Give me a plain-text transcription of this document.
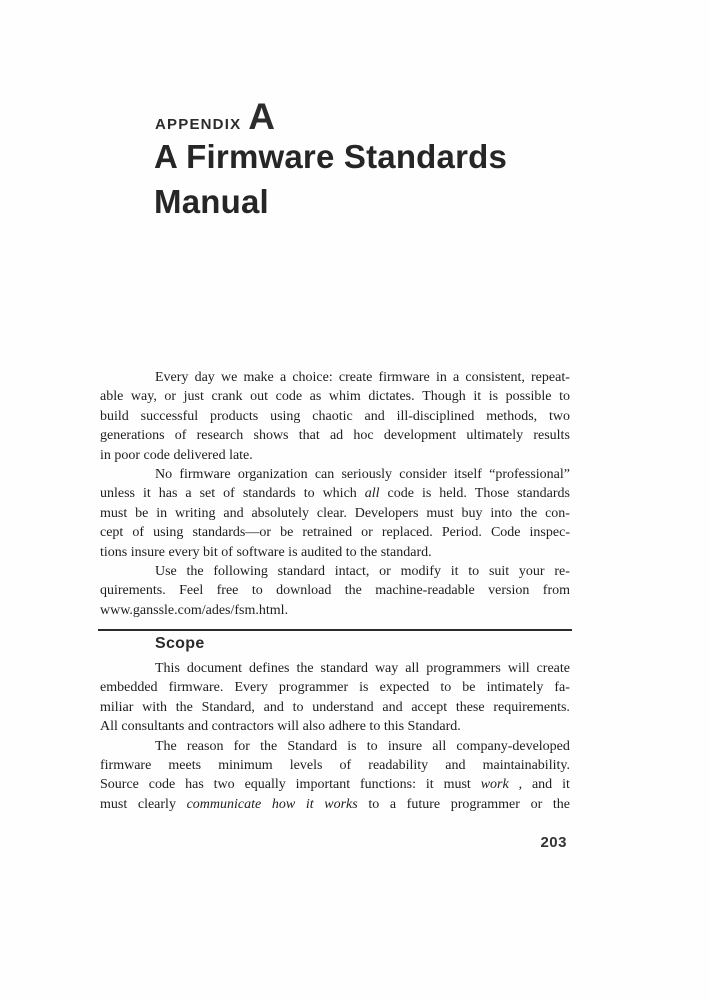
APPENDIX A
A Firmware Standards
Manual
Every day we make a choice: create firmware in a consistent, repeat-
able way, or just crank out code as whim dictates. Though it is possible to
build successful products using chaotic and ill-disciplined methods, two
generations of research shows that ad hoc development ultimately results
in poor code delivered late.
No firmware organization can seriously consider itself “professional”
unless it has a set of standards to which all code is held. Those standards
must be in writing and absolutely clear. Developers must buy into the con-
cept of using standards—or be retrained or replaced. Period. Code inspec-
tions insure every bit of software is audited to the standard.
Use the following standard intact, or modify it to suit your re-
quirements. Feel free to download the machine-readable version from
www.ganssle.com/ades/fsm.html.
Scope
This document defines the standard way all programmers will create
embedded firmware. Every programmer is expected to be intimately fa-
miliar with the Standard, and to understand and accept these requirements.
All consultants and contractors will also adhere to this Standard.
The reason for the Standard is to insure all company-developed
firmware meets minimum levels of readability and maintainability.
Source code has two equally important functions: it must work , and it
must clearly communicate how it works to a future programmer or the
203
